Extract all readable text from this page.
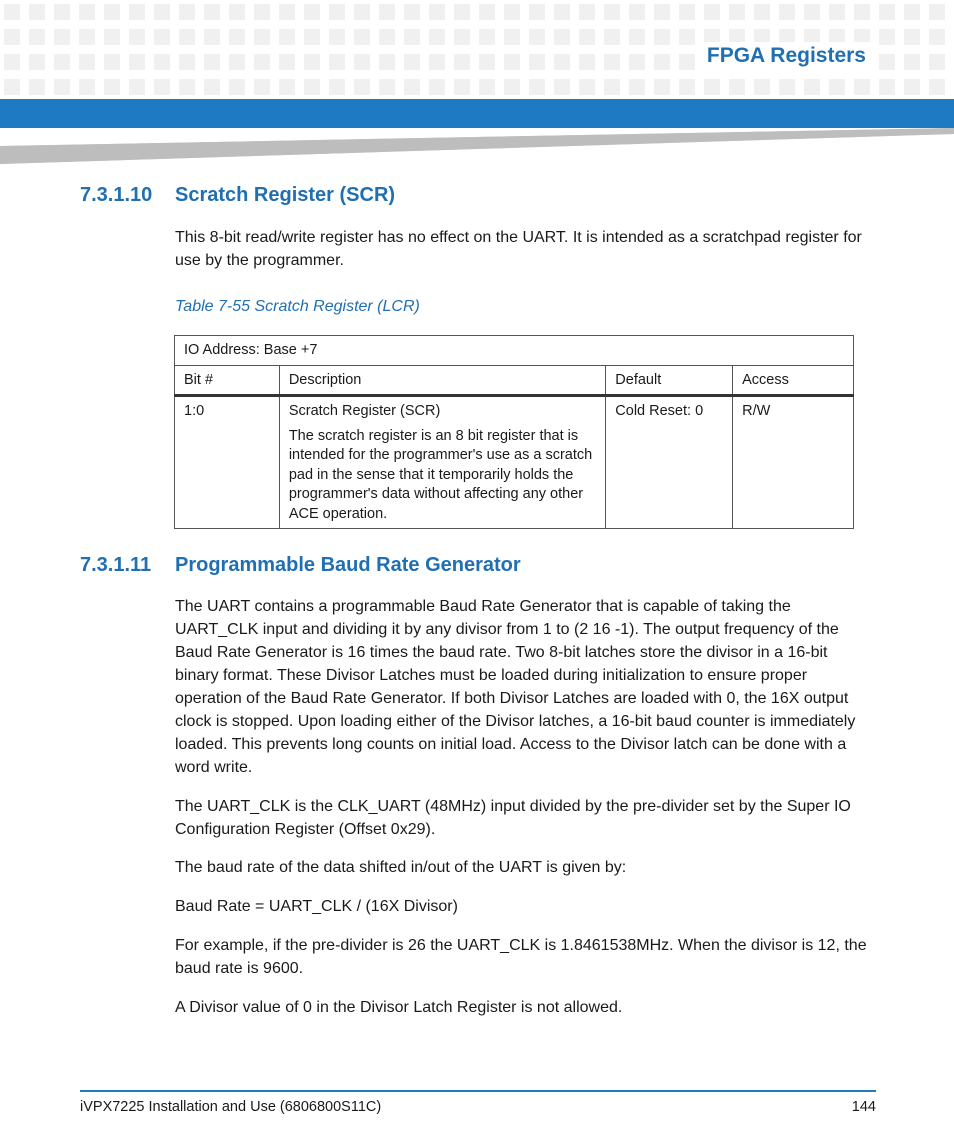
FPGA Registers
7.3.1.10 Scratch Register (SCR)

This 8-bit read/write register has no effect on the UART. It is intended as a scratchpad register for use by the programmer.

Table 7-55 Scratch Register (LCR)
IO Address: Base +7			
Bit #	Description	Default	Access
1:0	Scratch Register (SCR)
The scratch register is an 8 bit register that is intended for the programmer's use as a scratch pad in the sense that it temporarily holds the programmer's data without affecting any other ACE operation.	Cold Reset: 0	R/W
7.3.1.11 Programmable Baud Rate Generator

The UART contains a programmable Baud Rate Generator that is capable of taking the UART_CLK input and dividing it by any divisor from 1 to (2 16 -1). The output frequency of the Baud Rate Generator is 16 times the baud rate. Two 8-bit latches store the divisor in a 16-bit binary format. These Divisor Latches must be loaded during initialization to ensure proper operation of the Baud Rate Generator. If both Divisor Latches are loaded with 0, the 16X output clock is stopped. Upon loading either of the Divisor latches, a 16-bit baud counter is immediately loaded. This prevents long counts on initial load. Access to the Divisor latch can be done with a word write.

The UART_CLK is the CLK_UART (48MHz) input divided by the pre-divider set by the Super IO Configuration Register (Offset 0x29).

The baud rate of the data shifted in/out of the UART is given by:

Baud Rate = UART_CLK / (16X Divisor)

For example, if the pre-divider is 26 the UART_CLK is 1.8461538MHz. When the divisor is 12, the baud rate is 9600.

A Divisor value of 0 in the Divisor Latch Register is not allowed.

iVPX7225 Installation and Use (6806800S11C)	144
